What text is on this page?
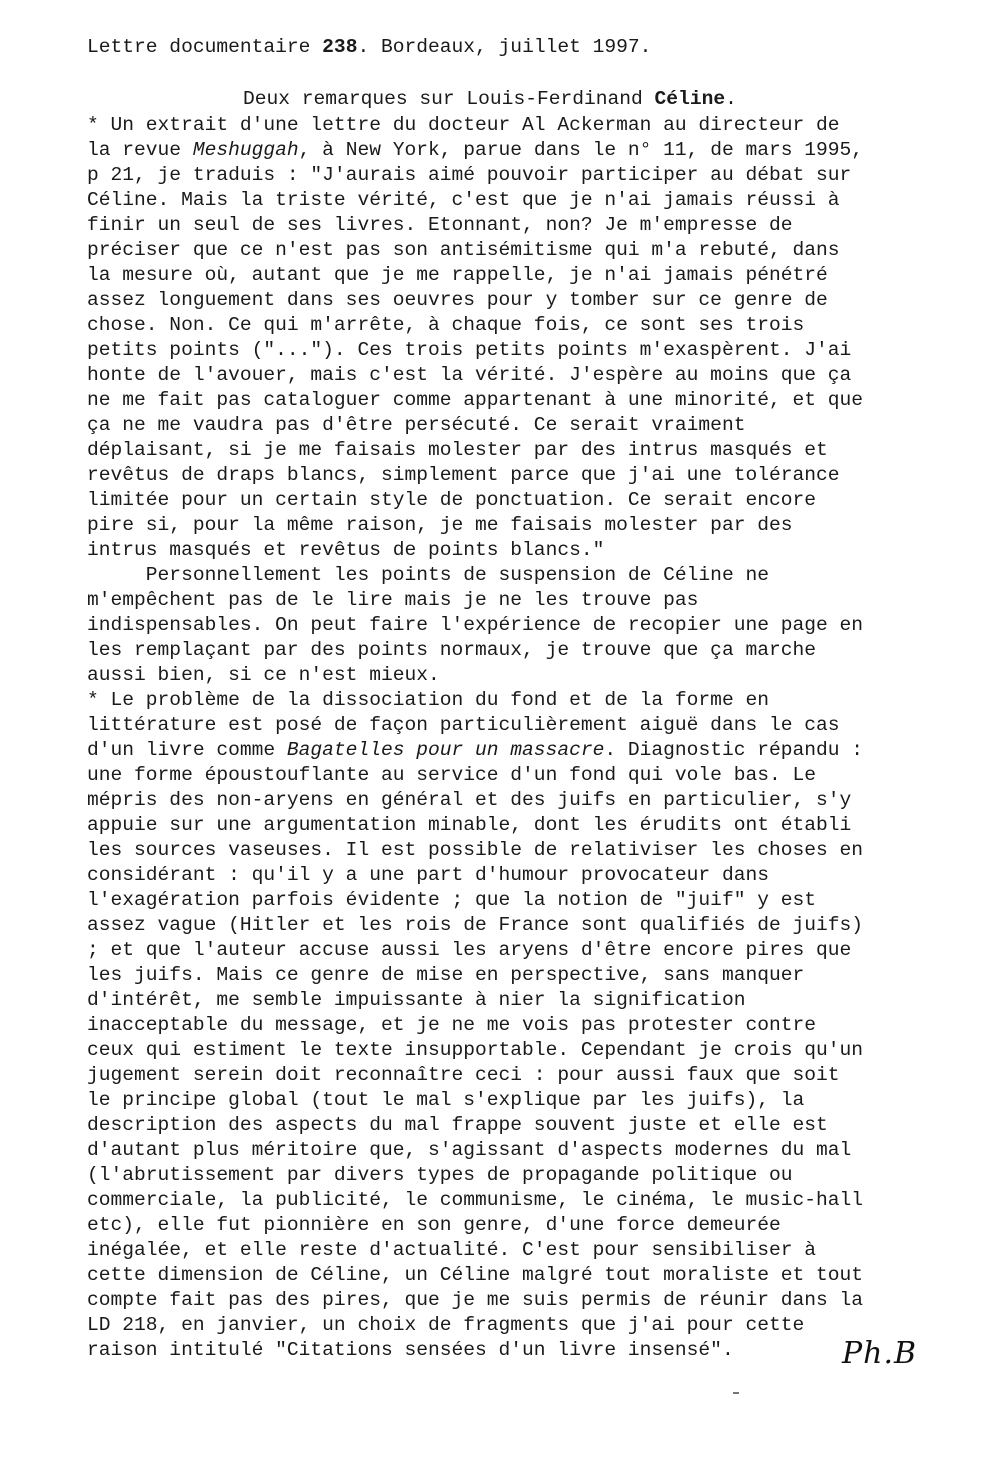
Lettre documentaire 238. Bordeaux, juillet 1997.
Deux remarques sur Louis-Ferdinand Céline.
* Un extrait d'une lettre du docteur Al Ackerman au directeur de
la revue Meshuggah, à New York, parue dans le n° 11, de mars 1995,
p 21, je traduis : "J'aurais aimé pouvoir participer au débat sur
Céline. Mais la triste vérité, c'est que je n'ai jamais réussi à
finir un seul de ses livres. Etonnant, non? Je m'empresse de
préciser que ce n'est pas son antisémitisme qui m'a rebuté, dans
la mesure où, autant que je me rappelle, je n'ai jamais pénétré
assez longuement dans ses oeuvres pour y tomber sur ce genre de
chose. Non. Ce qui m'arrête, à chaque fois, ce sont ses trois
petits points ("..."). Ces trois petits points m'exaspèrent. J'ai
honte de l'avouer, mais c'est la vérité. J'espère au moins que ça
ne me fait pas cataloguer comme appartenant à une minorité, et que
ça ne me vaudra pas d'être persécuté. Ce serait vraiment
déplaisant, si je me faisais molester par des intrus masqués et
revêtus de draps blancs, simplement parce que j'ai une tolérance
limitée pour un certain style de ponctuation. Ce serait encore
pire si, pour la même raison, je me faisais molester par des
intrus masqués et revêtus de points blancs."
Personnellement les points de suspension de Céline ne
m'empêchent pas de le lire mais je ne les trouve pas
indispensables. On peut faire l'expérience de recopier une page en
les remplaçant par des points normaux, je trouve que ça marche
aussi bien, si ce n'est mieux.
* Le problème de la dissociation du fond et de la forme en
littérature est posé de façon particulièrement aiguë dans le cas
d'un livre comme Bagatelles pour un massacre. Diagnostic répandu :
une forme époustouflante au service d'un fond qui vole bas. Le
mépris des non-aryens en général et des juifs en particulier, s'y
appuie sur une argumentation minable, dont les érudits ont établi
les sources vaseuses. Il est possible de relativiser les choses en
considérant : qu'il y a une part d'humour provocateur dans
l'exagération parfois évidente ; que la notion de "juif" y est
assez vague (Hitler et les rois de France sont qualifiés de juifs)
; et que l'auteur accuse aussi les aryens d'être encore pires que
les juifs. Mais ce genre de mise en perspective, sans manquer
d'intérêt, me semble impuissante à nier la signification
inacceptable du message, et je ne me vois pas protester contre
ceux qui estiment le texte insupportable. Cependant je crois qu'un
jugement serein doit reconnaître ceci : pour aussi faux que soit
le principe global (tout le mal s'explique par les juifs), la
description des aspects du mal frappe souvent juste et elle est
d'autant plus méritoire que, s'agissant d'aspects modernes du mal
(l'abrutissement par divers types de propagande politique ou
commerciale, la publicité, le communisme, le cinéma, le music-hall
etc), elle fut pionnière en son genre, d'une force demeurée
inégalée, et elle reste d'actualité. C'est pour sensibiliser à
cette dimension de Céline, un Céline malgré tout moraliste et tout
compte fait pas des pires, que je me suis permis de réunir dans la
LD 218, en janvier, un choix de fragments que j'ai pour cette
raison intitulé "Citations sensées d'un livre insensé".	Ph.B
